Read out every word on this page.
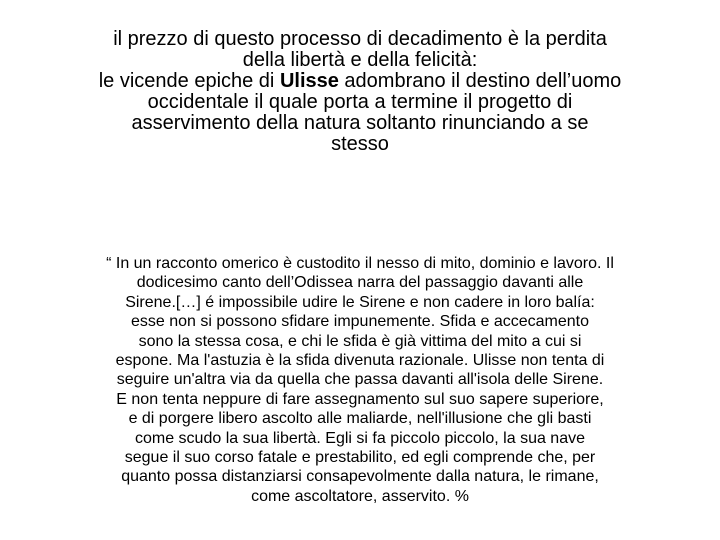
il prezzo di questo processo di decadimento è la perdita
della libertà e della felicità:
le vicende epiche di Ulisse adombrano il destino dell’uomo
occidentale il quale porta a termine il progetto di
asservimento della natura soltanto rinunciando a se
stesso
“ In un racconto omerico è custodito il nesso di mito, dominio e lavoro. Il
dodicesimo canto dell’Odissea narra del passaggio davanti alle
Sirene.[…] é impossibile udire le Sirene e non cadere in loro balía:
esse non si possono sfidare impunemente. Sfida e accecamento
sono la stessa cosa, e chi le sfida è già vittima del mito a cui si
espone. Ma l'astuzia è la sfida divenuta razionale. Ulisse non tenta di
seguire un'altra via da quella che passa davanti all'isola delle Sirene.
E non tenta neppure di fare assegnamento sul suo sapere superiore,
e di porgere libero ascolto alle maliarde, nell'illusione che gli basti
come scudo la sua libertà. Egli si fa piccolo piccolo, la sua nave
segue il suo corso fatale e prestabilito, ed egli comprende che, per
quanto possa distanziarsi consapevolmente dalla natura, le rimane,
come ascoltatore, asservito. %
